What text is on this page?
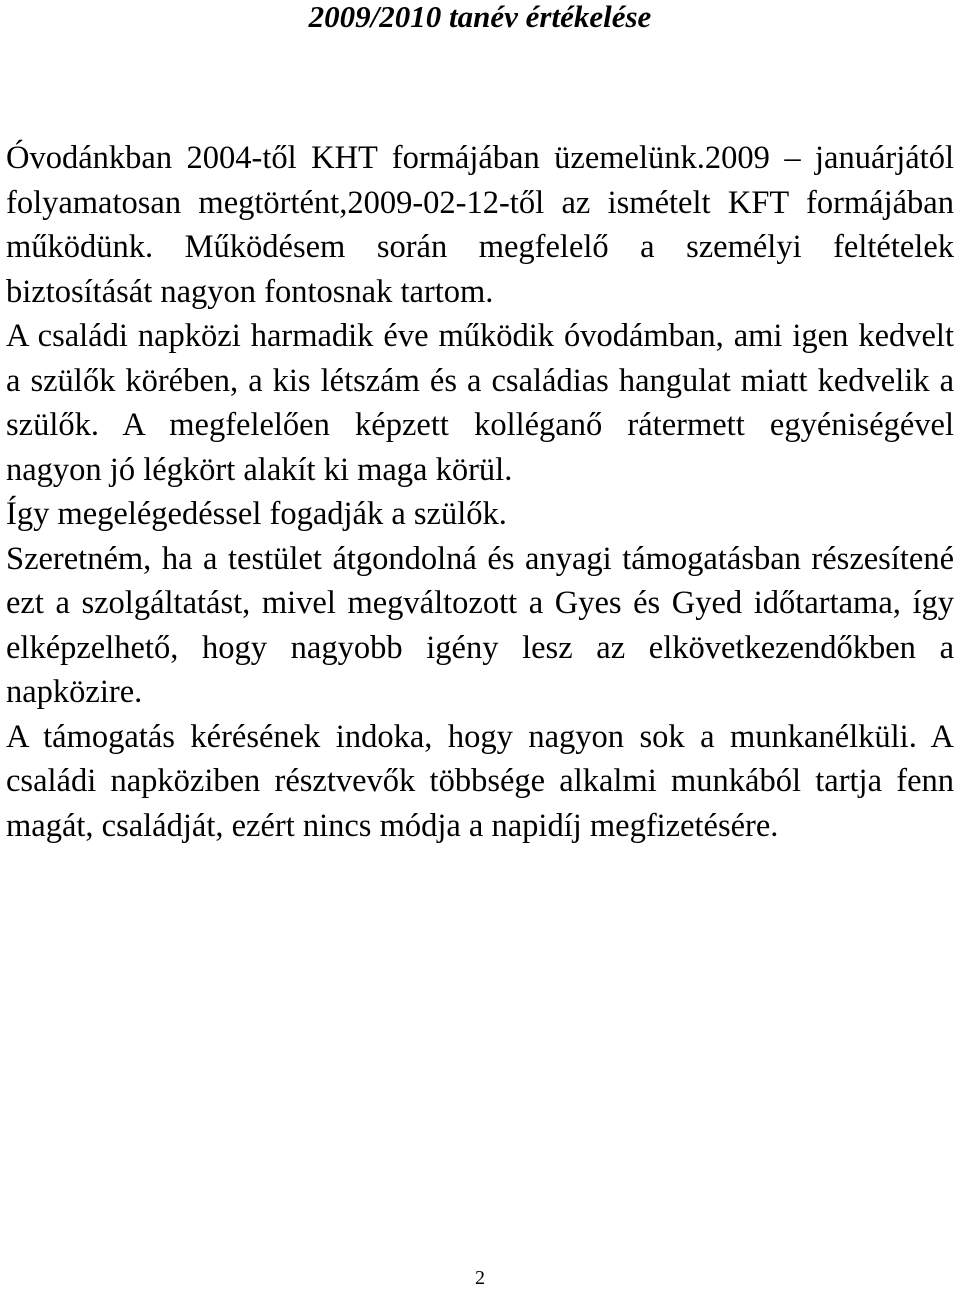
2009/2010 tanév értékelése

Óvodánkban 2004-től KHT formájában üzemelünk.2009 – januárjától folyamatosan megtörtént,2009-02-12-től az ismételt KFT formájában működünk. Működésem során megfelelő a személyi feltételek biztosítását nagyon fontosnak tartom.

A családi napközi harmadik éve működik óvodámban, ami igen kedvelt a szülők körében, a kis létszám és a családias hangulat miatt kedvelik a szülők. A megfelelően képzett kolléganő rátermett egyéniségével nagyon jó légkört alakít ki maga körül.

Így megelégedéssel fogadják a szülők.

Szeretném, ha a testület átgondolná és anyagi támogatásban részesítené ezt a szolgáltatást, mivel megváltozott a Gyes és Gyed időtartama, így elképzelhető, hogy nagyobb igény lesz az elkövetkezendőkben a napközire.

A támogatás kérésének indoka, hogy nagyon sok a munkanélküli. A családi napköziben résztvevők többsége alkalmi munkából tartja fenn magát, családját, ezért nincs módja a napidíj megfizetésére.

2
